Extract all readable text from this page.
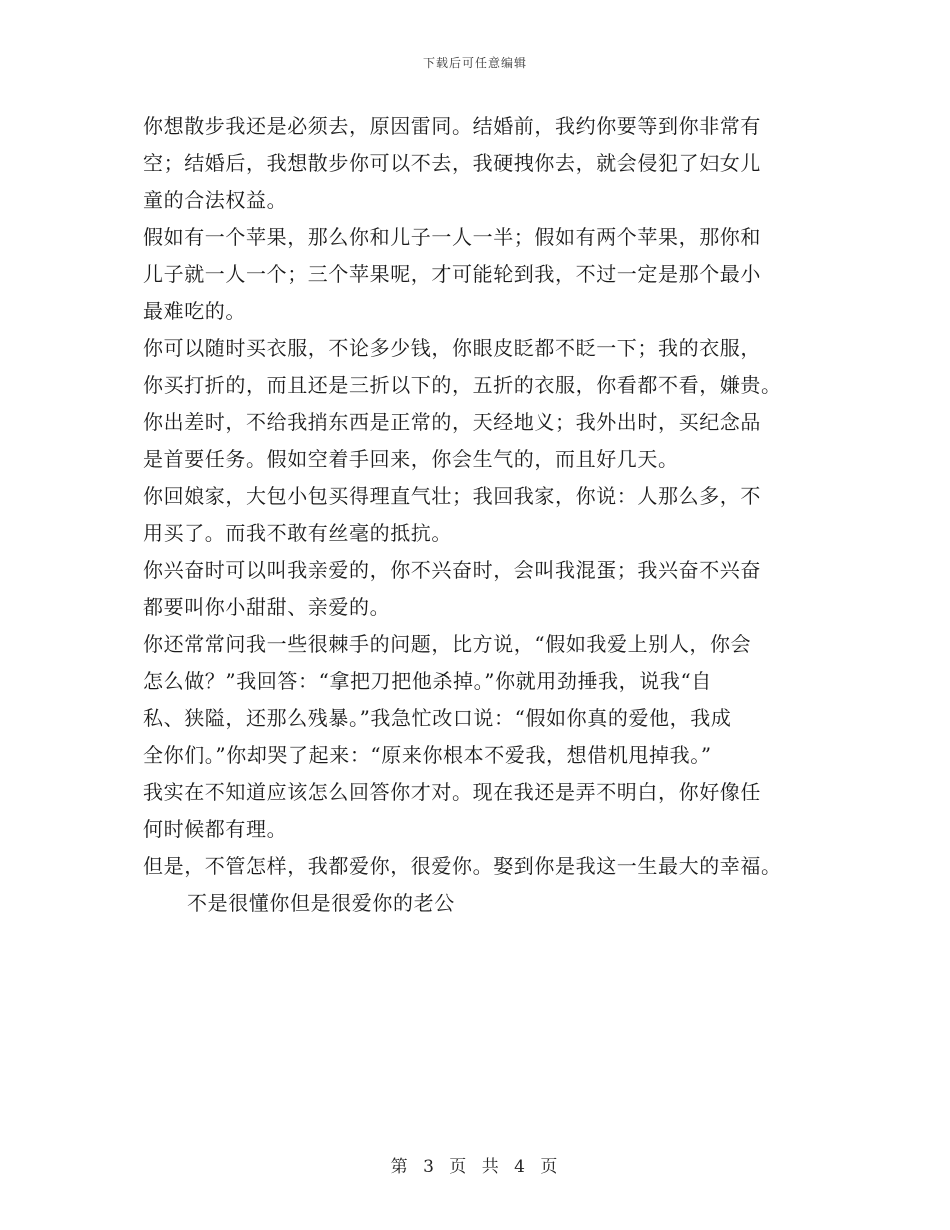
下载后可任意编辑
你想散步我还是必须去，原因雷同。结婚前，我约你要等到你非常有
空；结婚后，我想散步你可以不去，我硬拽你去，就会侵犯了妇女儿
童的合法权益。
假如有一个苹果，那么你和儿子一人一半；假如有两个苹果，那你和
儿子就一人一个；三个苹果呢，才可能轮到我，不过一定是那个最小
最难吃的。
你可以随时买衣服，不论多少钱，你眼皮眨都不眨一下；我的衣服，
你买打折的，而且还是三折以下的，五折的衣服，你看都不看，嫌贵。
你出差时，不给我捎东西是正常的，天经地义；我外出时，买纪念品
是首要任务。假如空着手回来，你会生气的，而且好几天。
你回娘家，大包小包买得理直气壮；我回我家，你说：人那么多，不
用买了。而我不敢有丝毫的抵抗。
你兴奋时可以叫我亲爱的，你不兴奋时，会叫我混蛋；我兴奋不兴奋
都要叫你小甜甜、亲爱的。
你还常常问我一些很棘手的问题，比方说，“假如我爱上别人，你会
怎么做？”我回答：“拿把刀把他杀掉。”你就用劲捶我，说我“自
私、狭隘，还那么残暴。”我急忙改口说：“假如你真的爱他，我成
全你们。”你却哭了起来：“原来你根本不爱我，想借机甩掉我。”
我实在不知道应该怎么回答你才对。现在我还是弄不明白，你好像任
何时候都有理。
但是，不管怎样，我都爱你，很爱你。娶到你是我这一生最大的幸福。
不是很懂你但是很爱你的老公
第 3 页 共 4 页
